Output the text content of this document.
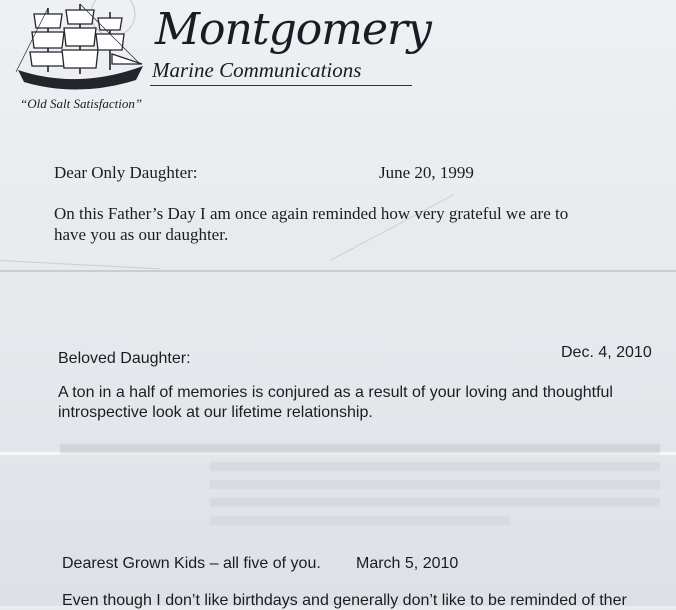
Montgomery
Marine Communications
“Old Salt Satisfaction”
Dear Only Daughter:	June 20, 1999
On this Father’s Day I am once again reminded how very grateful we are to
have you as our daughter.
Beloved Daughter:	Dec. 4, 2010
A ton in a half of memories is conjured as a result of your loving and thoughtful
introspective look at our lifetime relationship.
Dearest Grown Kids – all five of you. March 5, 2010
Even though I don’t like birthdays and generally don’t like to be reminded of ther
